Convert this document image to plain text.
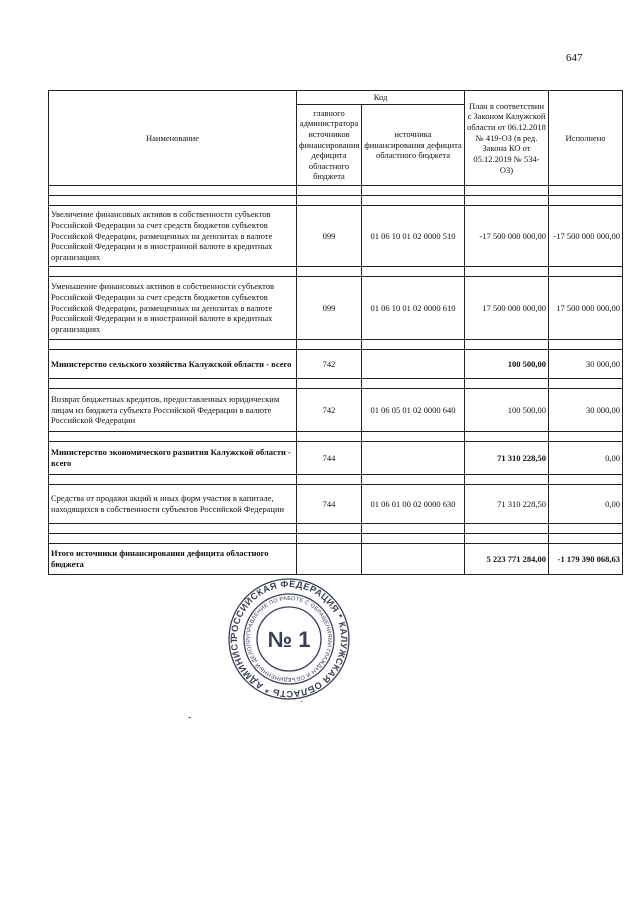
647
Наименование	Код		План в соответствии с Законом Калужской области от 06.12.2018 № 419-ОЗ (в ред. Закона КО от 05.12.2019 № 534-ОЗ)	Исполнено
	главного администратора источников финансирования дефицита областного бюджета	источника финансирования дефицита областного бюджета		

Увеличение финансовых активов в собственности субъектов Российской Федерации за счет средств бюджетов субъектов Российской Федерации, размещенных на депозитах в валюте Российской Федерации и в иностранной валюте в кредитных организациях	099	01 06 10 01 02 0000 510	-17 500 000 000,00	-17 500 000 000,00

Уменьшение финансовых активов в собственности субъектов Российской Федерации за счет средств бюджетов субъектов Российской Федерации, размещенных на депозитах в валюте Российской Федерации и в иностранной валюте в кредитных организациях	099	01 06 10 01 02 0000 610	17 500 000 000,00	17 500 000 000,00

Министерство сельского хозяйства Калужской области - всего	742		100 500,00	30 000,00

Возврат бюджетных кредитов, предоставленных юридическим лицам из бюджета субъекта Российской Федерации в валюте Российской Федерации	742	01 06 05 01 02 0000 640	100 500,00	30 000,00

Министерство экономического развития Калужской области - всего	744		71 310 228,50	0,00

Средства от продажи акций и иных форм участия в капитале, находящихся в собственности субъектов Российской Федерации	744	01 06 01 00 02 0000 630	71 310 228,50	0,00

Итого источники финансирования дефицита областного бюджета			5 223 771 284,00	-1 179 390 068,63
РОССИЙСКАЯ ФЕДЕРАЦИЯ * КАЛУЖСКАЯ ОБЛАСТЬ * АДМИНИСТ
УПРАВЛЕНИЕ ПО РАБОТЕ С ОБРАЩЕНИЯМИ ГРАЖДАН И ОБЪЕДИНЕННЫЙ ДЕЛОПР № 1
·
-
